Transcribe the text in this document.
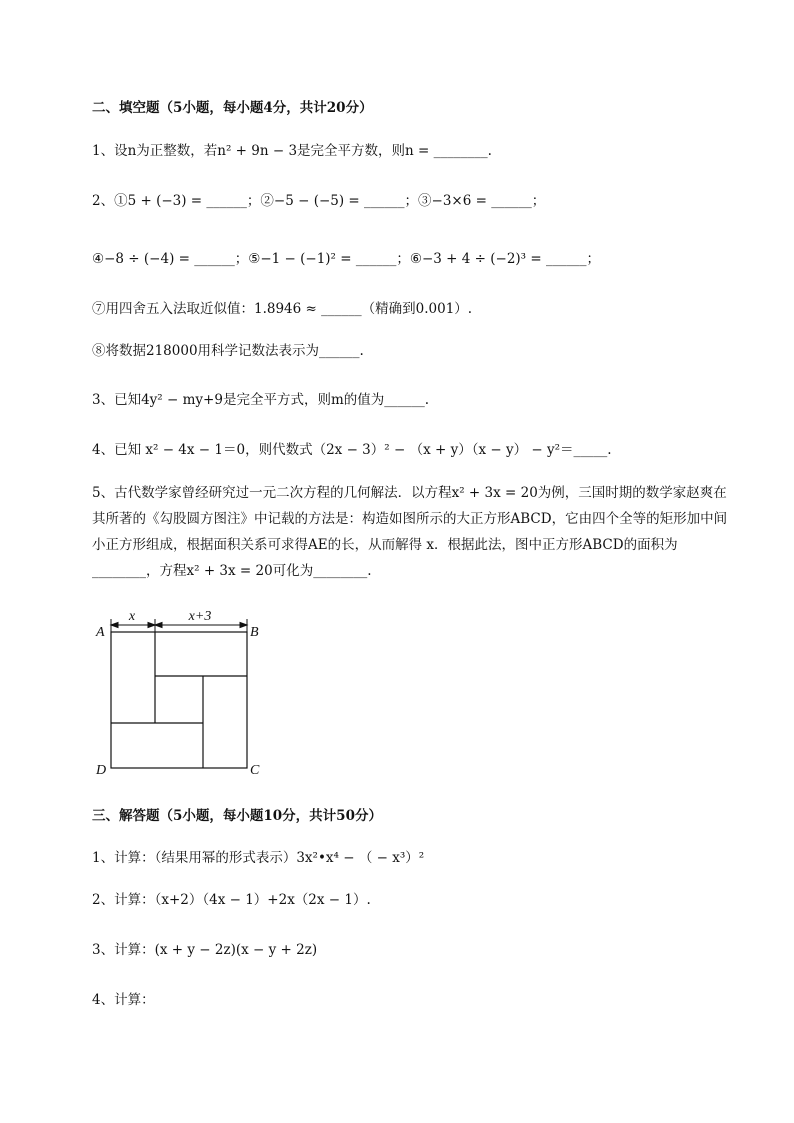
二、填空题（5小题，每小题4分，共计20分）
1、设n为正整数，若n² + 9n − 3是完全平方数，则n = ________.
2、①5 + (−3) = ______；②−5 − (−5) = ______；③−3×6 = ______；
④−8 ÷ (−4) = ______；⑤−1 − (−1)² = ______；⑥−3 + 4 ÷ (−2)³ = ______；
⑦用四舍五入法取近似值：1.8946 ≈ ______（精确到0.001）.
⑧将数据218000用科学记数法表示为______.
3、已知4y² − my+9是完全平方式，则m的值为______.
4、已知 x² − 4x − 1＝0，则代数式（2x − 3）² − （x + y）（x − y） − y²＝_____.
5、古代数学家曾经研究过一元二次方程的几何解法．以方程x² + 3x = 20为例，三国时期的数学家赵爽在其所著的《勾股圆方图注》中记载的方法是：构造如图所示的大正方形ABCD，它由四个全等的矩形加中间小正方形组成，根据面积关系可求得AE的长，从而解得 x．根据此法，图中正方形ABCD的面积为________，方程x² + 3x = 20可化为________.
x	x+3
A	B
C
D
三、解答题（5小题，每小题10分，共计50分）
1、计算：（结果用幂的形式表示）3x²•x⁴ − （ − x³）²
2、计算：（x+2）（4x − 1）+2x（2x − 1）.
3、计算：(x + y − 2z)(x − y + 2z)
4、计算：
